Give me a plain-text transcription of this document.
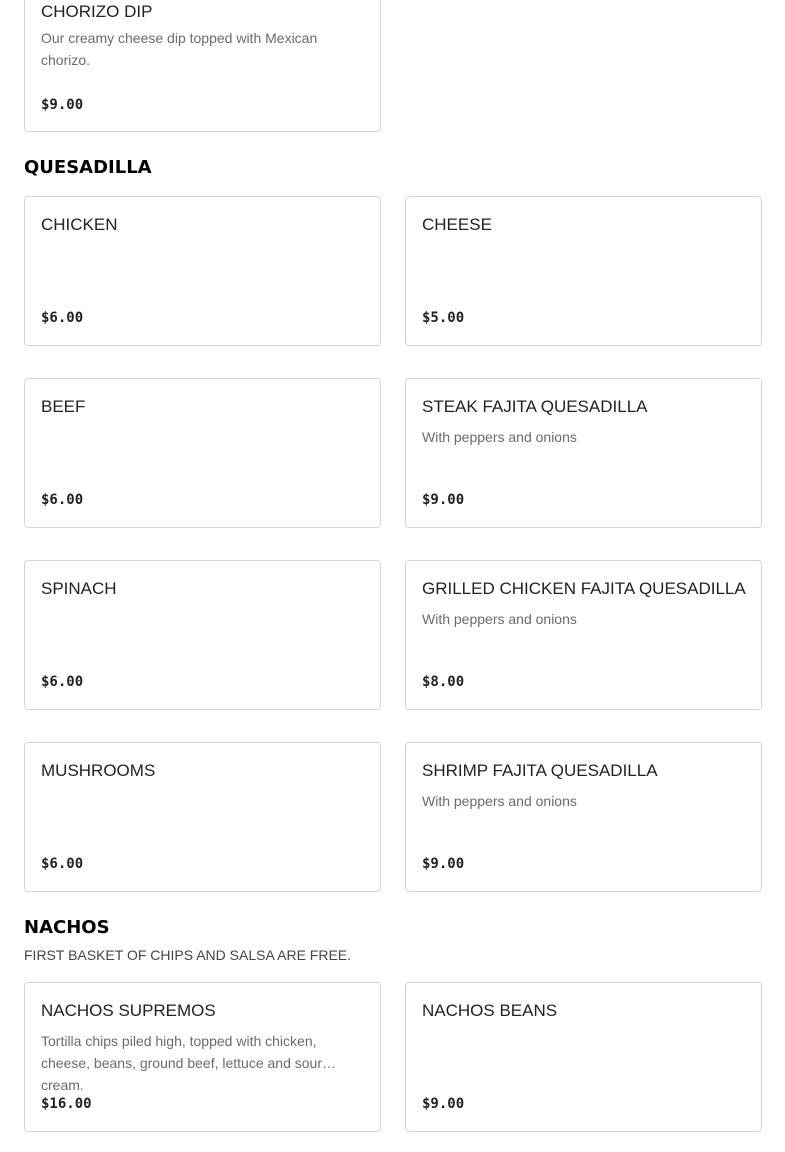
CHORIZO DIP
Our creamy cheese dip topped with Mexican chorizo.
$9.00
QUESADILLA
CHICKEN
$6.00
CHEESE
$5.00
BEEF
$6.00
STEAK FAJITA QUESADILLA
With peppers and onions
$9.00
SPINACH
$6.00
GRILLED CHICKEN FAJITA QUESADILLA
With peppers and onions
$8.00
MUSHROOMS
$6.00
SHRIMP FAJITA QUESADILLA
With peppers and onions
$9.00
NACHOS
FIRST BASKET OF CHIPS AND SALSA ARE FREE.
NACHOS SUPREMOS
Tortilla chips piled high, topped with chicken, cheese, beans, ground beef, lettuce and sour cream.
$16.00
NACHOS BEANS
$9.00
